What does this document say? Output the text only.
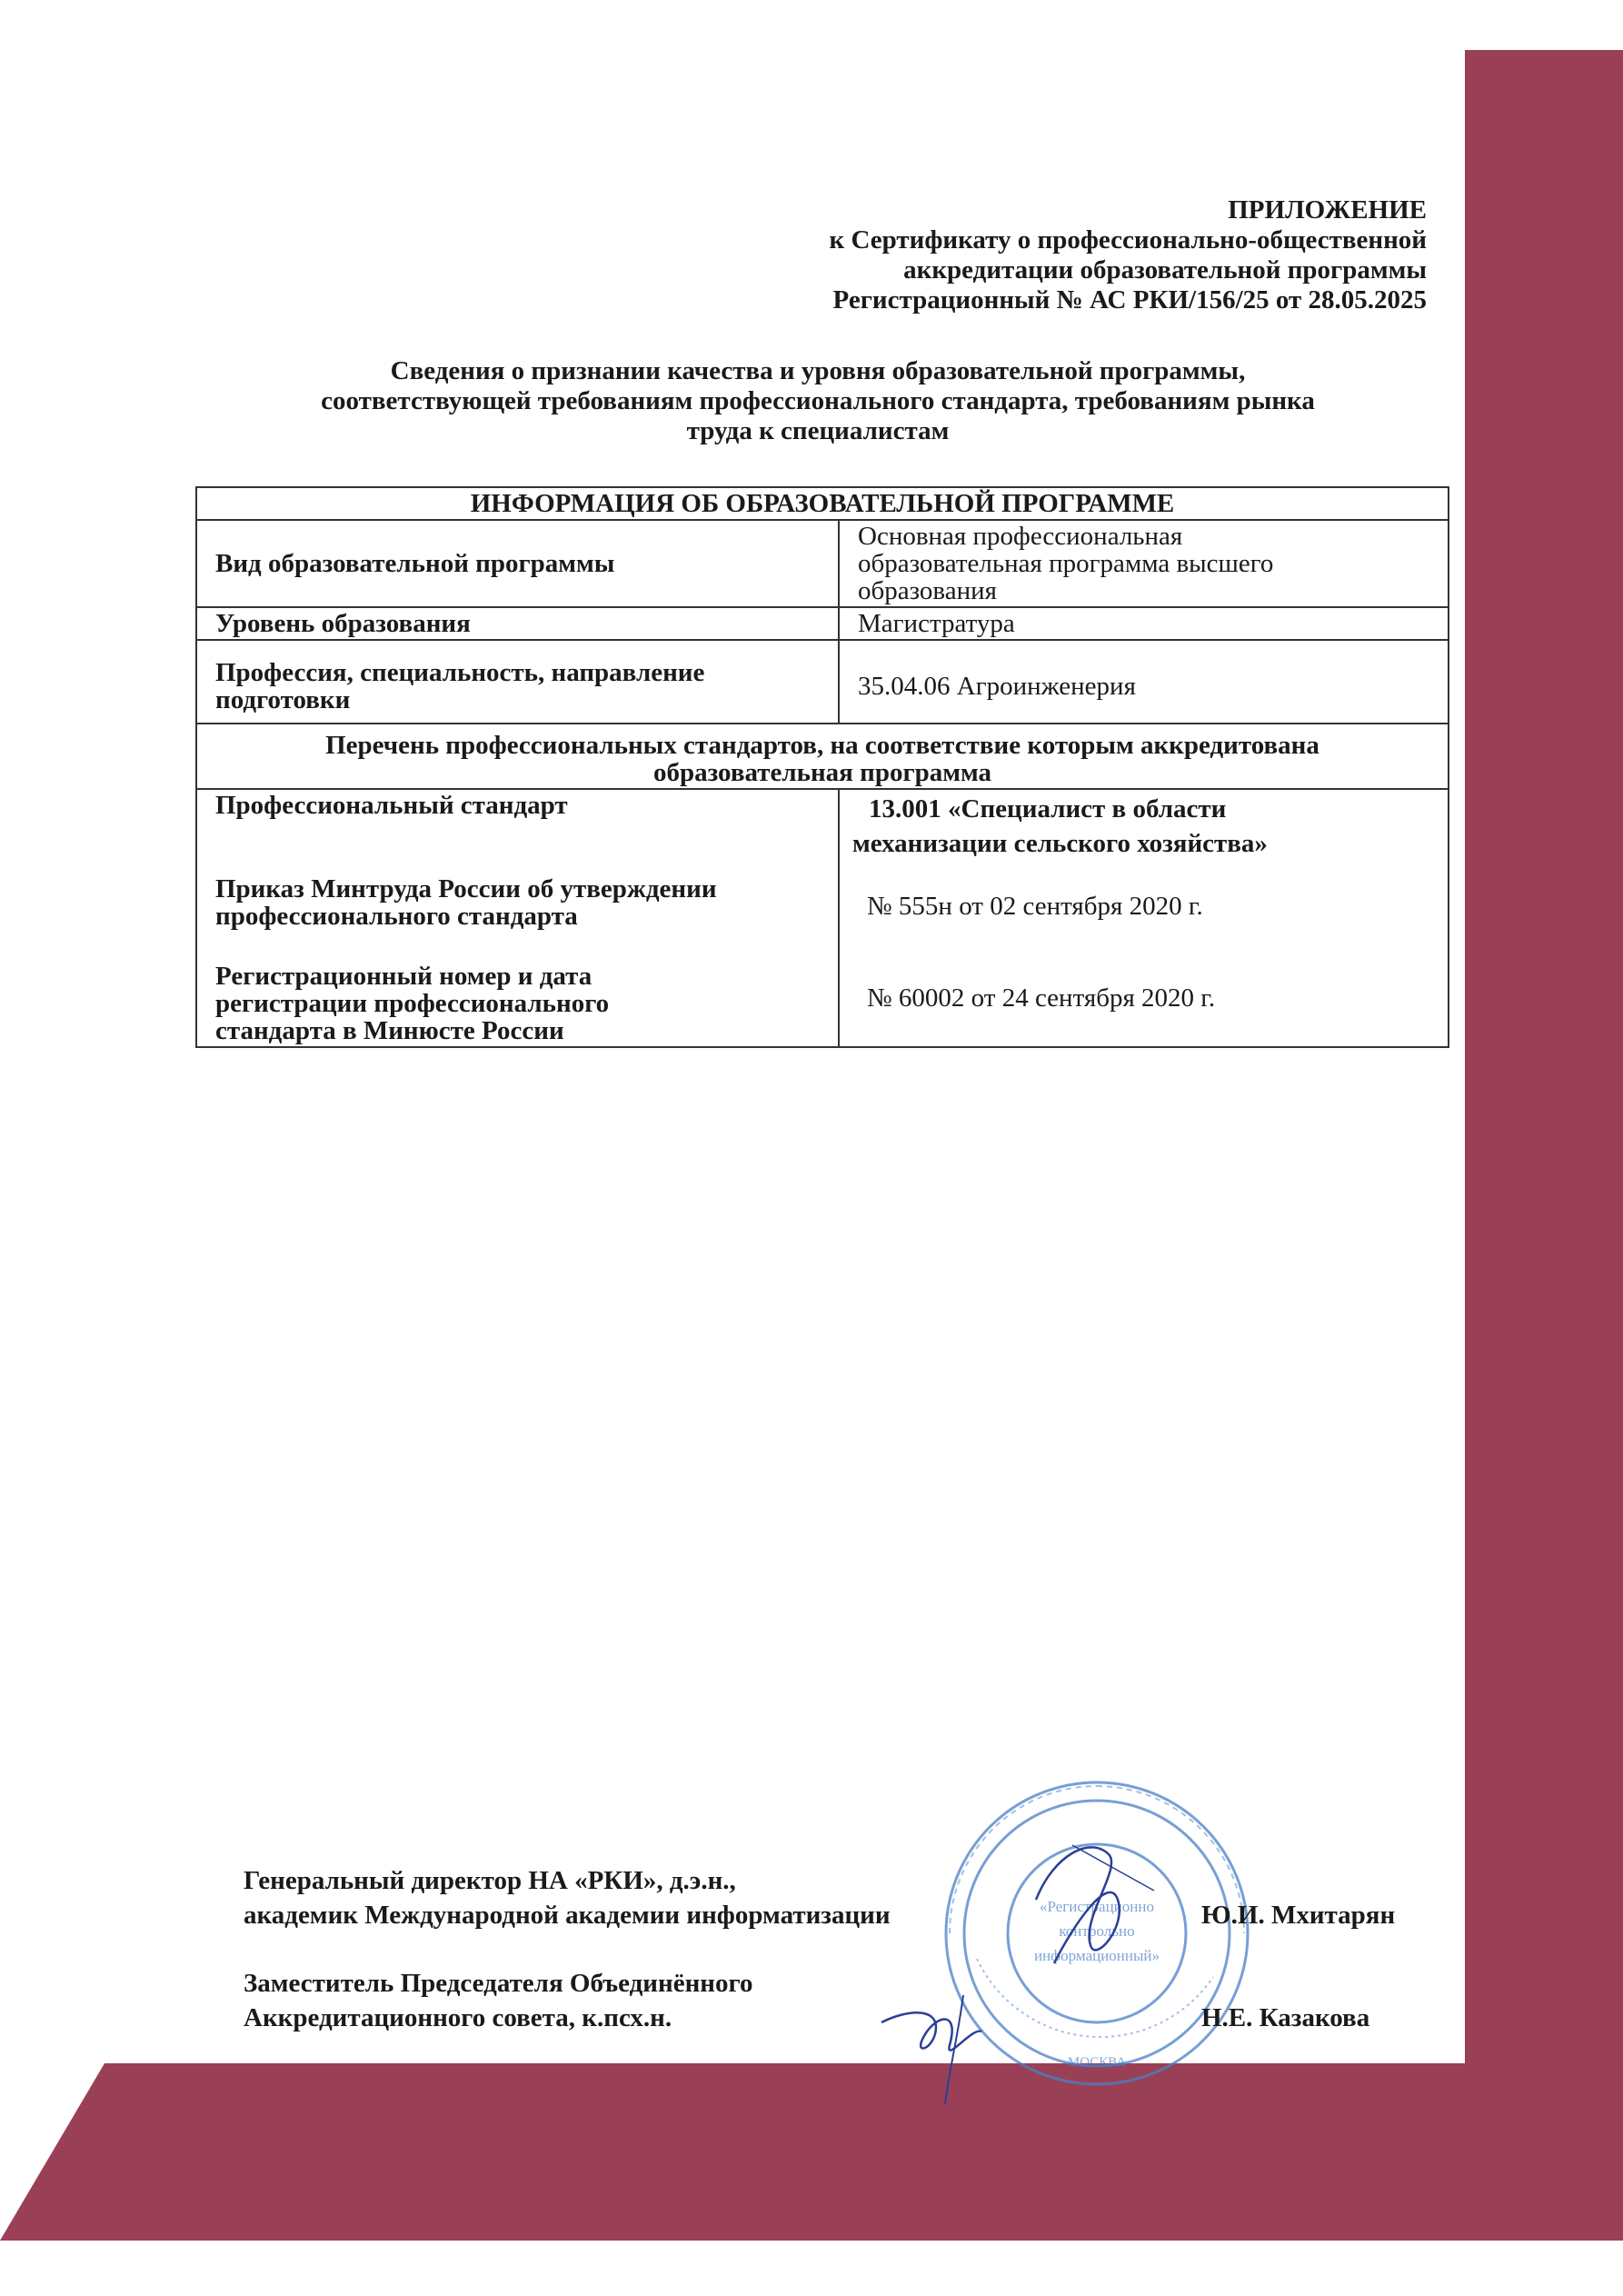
ПРИЛОЖЕНИЕ
к Сертификату о профессионально-общественной
аккредитации образовательной программы
Регистрационный № АС РКИ/156/25 от 28.05.2025
Сведения о признании качества и уровня образовательной программы,
соответствующей требованиям профессионального стандарта, требованиям рынка
труда к специалистам
ИНФОРМАЦИЯ ОБ ОБРАЗОВАТЕЛЬНОЙ ПРОГРАММЕ	
Вид образовательной программы	Основная профессиональная
образовательная программа высшего
образования

Уровень образования	Магистратура

Профессия, специальность, направление
подготовки	35.04.06 Агроинженерия

Перечень профессиональных стандартов, на соответствие которым аккредитована
образовательная программа	

Профессиональный стандарт	13.001 «Специалист в области
механизации сельского хозяйства»

Приказ Минтруда России об утверждении
профессионального стандарта	№ 555н от 02 сентября 2020 г.

Регистрационный номер и дата
регистрации профессионального
стандарта в Минюсте России	№ 60002 от 24 сентября 2020 г.
«Регистрационно
контрольно
информационный»
МОСКВА
Генеральный директор НА «РКИ», д.э.н.,
академик Международной академии информатизации	Ю.И. Мхитарян
Заместитель Председателя Объединённого
Аккредитационного совета, к.псх.н.	Н.Е. Казакова
